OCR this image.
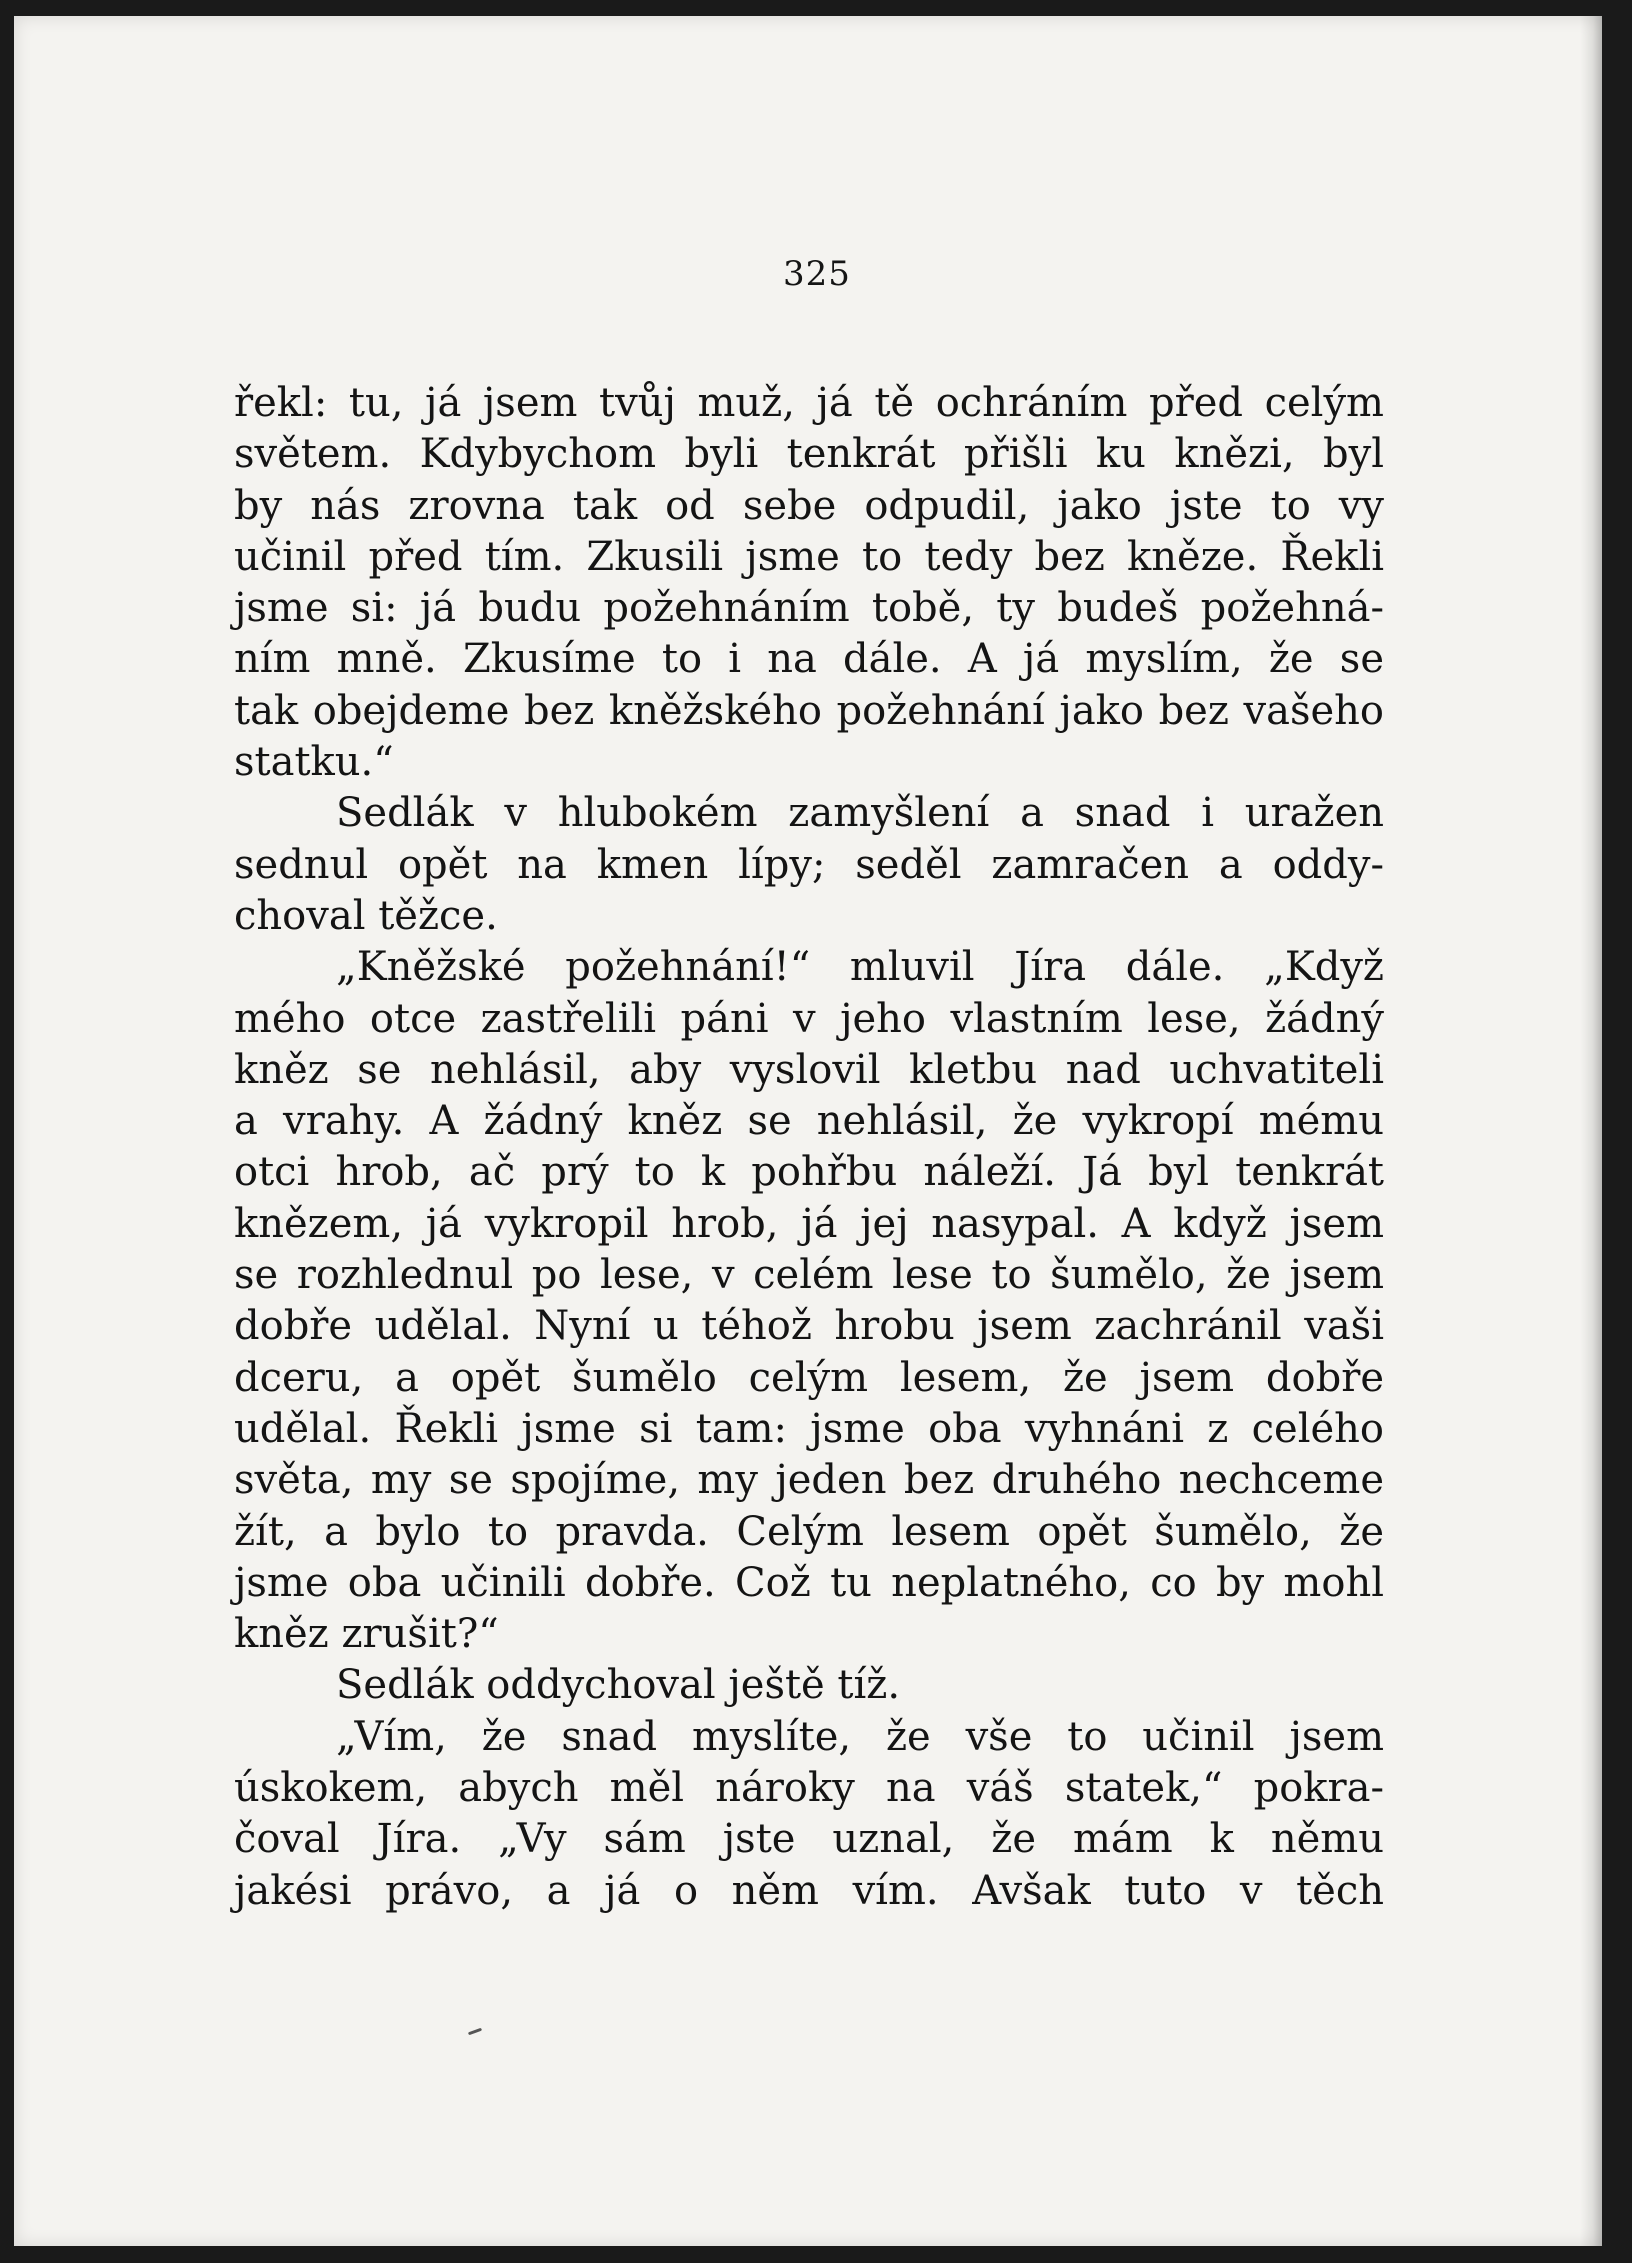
325
řekl: tu, já jsem tvůj muž, já tě ochráním před celým
světem. Kdybychom byli tenkrát přišli ku knězi, byl
by nás zrovna tak od sebe odpudil, jako jste to vy
učinil před tím. Zkusili jsme to tedy bez kněze. Řekli
jsme si: já budu požehnáním tobě, ty budeš požehná-
ním mně. Zkusíme to i na dále. A já myslím, že se
tak obejdeme bez kněžského požehnání jako bez vašeho
statku.“
Sedlák v hlubokém zamyšlení a snad i uražen
sednul opět na kmen lípy; seděl zamračen a oddy-
choval těžce.
„Kněžské požehnání!“ mluvil Jíra dále. „Když
mého otce zastřelili páni v jeho vlastním lese, žádný
kněz se nehlásil, aby vyslovil kletbu nad uchvatiteli
a vrahy. A žádný kněz se nehlásil, že vykropí mému
otci hrob, ač prý to k pohřbu náleží. Já byl tenkrát
knězem, já vykropil hrob, já jej nasypal. A když jsem
se rozhlednul po lese, v celém lese to šumělo, že jsem
dobře udělal. Nyní u téhož hrobu jsem zachránil vaši
dceru, a opět šumělo celým lesem, že jsem dobře
udělal. Řekli jsme si tam: jsme oba vyhnáni z celého
světa, my se spojíme, my jeden bez druhého nechceme
žít, a bylo to pravda. Celým lesem opět šumělo, že
jsme oba učinili dobře. Což tu neplatného, co by mohl
kněz zrušit?“
Sedlák oddychoval ještě tíž.
„Vím, že snad myslíte, že vše to učinil jsem
úskokem, abych měl nároky na váš statek,“ pokra-
čoval Jíra. „Vy sám jste uznal, že mám k němu
jakési právo, a já o něm vím. Avšak tuto v těch
